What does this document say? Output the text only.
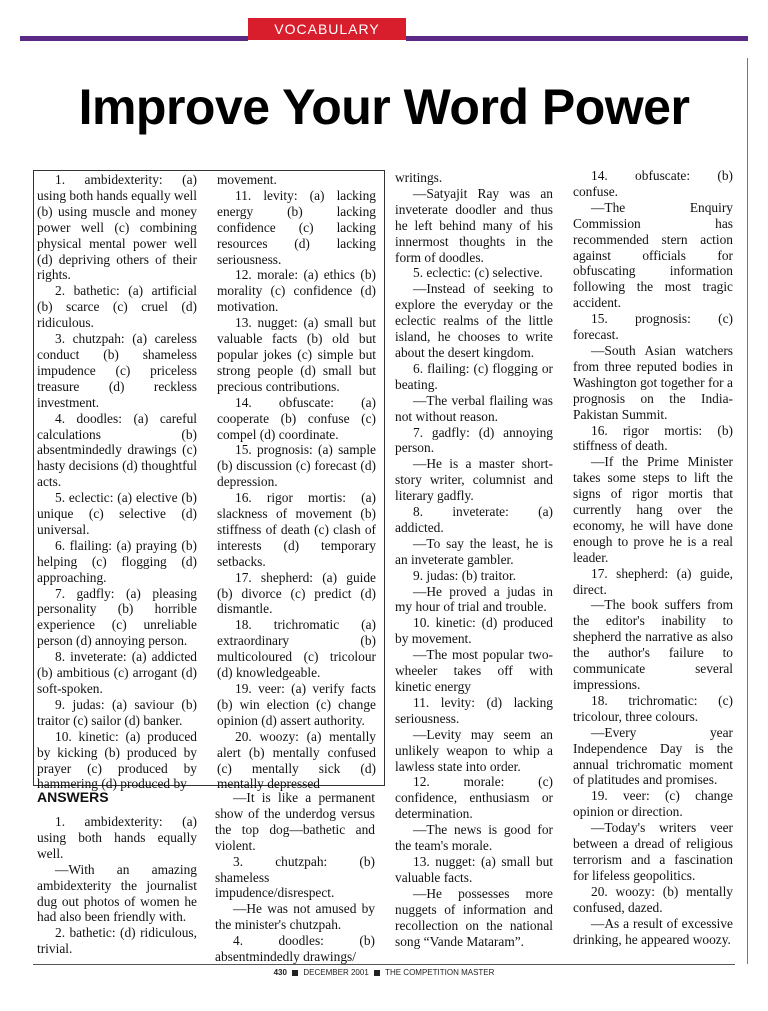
VOCABULARY
Improve Your Word Power

1. ambidexterity: (a) using both hands equally well (b) using muscle and money power well (c) combining physical mental power well (d) depriving others of their rights.

2. bathetic: (a) artificial (b) scarce (c) cruel (d) ridiculous.

3. chutzpah: (a) careless conduct (b) shameless impudence (c) priceless treasure (d) reckless investment.

4. doodles: (a) careful calculations (b) absentmindedly drawings (c) hasty decisions (d) thoughtful acts.

5. eclectic: (a) elective (b) unique (c) selective (d) universal.

6. flailing: (a) praying (b) helping (c) flogging (d) approaching.

7. gadfly: (a) pleasing personality (b) horrible experience (c) unreliable person (d) annoying person.

8. inveterate: (a) addicted (b) ambitious (c) arrogant (d) soft-spoken.

9. judas: (a) saviour (b) traitor (c) sailor (d) banker.

10. kinetic: (a) produced by kicking (b) produced by prayer (c) produced by hammering (d) produced by

movement.

11. levity: (a) lacking energy (b) lacking confidence (c) lacking resources (d) lacking seriousness.

12. morale: (a) ethics (b) morality (c) confidence (d) motivation.

13. nugget: (a) small but valuable facts (b) old but popular jokes (c) simple but strong people (d) small but precious contributions.

14. obfuscate: (a) cooperate (b) confuse (c) compel (d) coordinate.

15. prognosis: (a) sample (b) discussion (c) forecast (d) depression.

16. rigor mortis: (a) slackness of movement (b) stiffness of death (c) clash of interests (d) temporary setbacks.

17. shepherd: (a) guide (b) divorce (c) predict (d) dismantle.

18. trichromatic (a) extraordinary (b) multicoloured (c) tricolour (d) knowledgeable.

19. veer: (a) verify facts (b) win election (c) change opinion (d) assert authority.

20. woozy: (a) mentally alert (b) mentally confused (c) mentally sick (d) mentally depressed

ANSWERS

1. ambidexterity: (a) using both hands equally well.

—With an amazing ambidexterity the journalist dug out photos of women he had also been friendly with.

2. bathetic: (d) ridiculous, trivial.

—It is like a permanent show of the underdog versus the top dog—bathetic and violent.

3. chutzpah: (b) shameless impudence/disrespect.

—He was not amused by the minister's chutzpah.

4. doodles: (b) absentmindedly drawings/

writings.

—Satyajit Ray was an inveterate doodler and thus he left behind many of his innermost thoughts in the form of doodles.

5. eclectic: (c) selective.

—Instead of seeking to explore the everyday or the eclectic realms of the little island, he chooses to write about the desert kingdom.

6. flailing: (c) flogging or beating.

—The verbal flailing was not without reason.

7. gadfly: (d) annoying person.

—He is a master short-story writer, columnist and literary gadfly.

8. inveterate: (a) addicted.

—To say the least, he is an inveterate gambler.

9. judas: (b) traitor.

—He proved a judas in my hour of trial and trouble.

10. kinetic: (d) produced by movement.

—The most popular two-wheeler takes off with kinetic energy

11. levity: (d) lacking seriousness.

—Levity may seem an unlikely weapon to whip a lawless state into order.

12. morale: (c) confidence, enthusiasm or determination.

—The news is good for the team's morale.

13. nugget: (a) small but valuable facts.

—He possesses more nuggets of information and recollection on the national song “Vande Mataram”.

14. obfuscate: (b) confuse.

—The Enquiry Commission has recommended stern action against officials for obfuscating information following the most tragic accident.

15. prognosis: (c) forecast.

—South Asian watchers from three reputed bodies in Washington got together for a prognosis on the India-Pakistan Summit.

16. rigor mortis: (b) stiffness of death.

—If the Prime Minister takes some steps to lift the signs of rigor mortis that currently hang over the economy, he will have done enough to prove he is a real leader.

17. shepherd: (a) guide, direct.

—The book suffers from the editor's inability to shepherd the narrative as also the author's failure to communicate several impressions.

18. trichromatic: (c) tricolour, three colours.

—Every year Independence Day is the annual trichromatic moment of platitudes and promises.

19. veer: (c) change opinion or direction.

—Today's writers veer between a dread of religious terrorism and a fascination for lifeless geopolitics.

20. woozy: (b) mentally confused, dazed.

—As a result of excessive drinking, he appeared woozy.

430 DECEMBER 2001 THE COMPETITION MASTER
